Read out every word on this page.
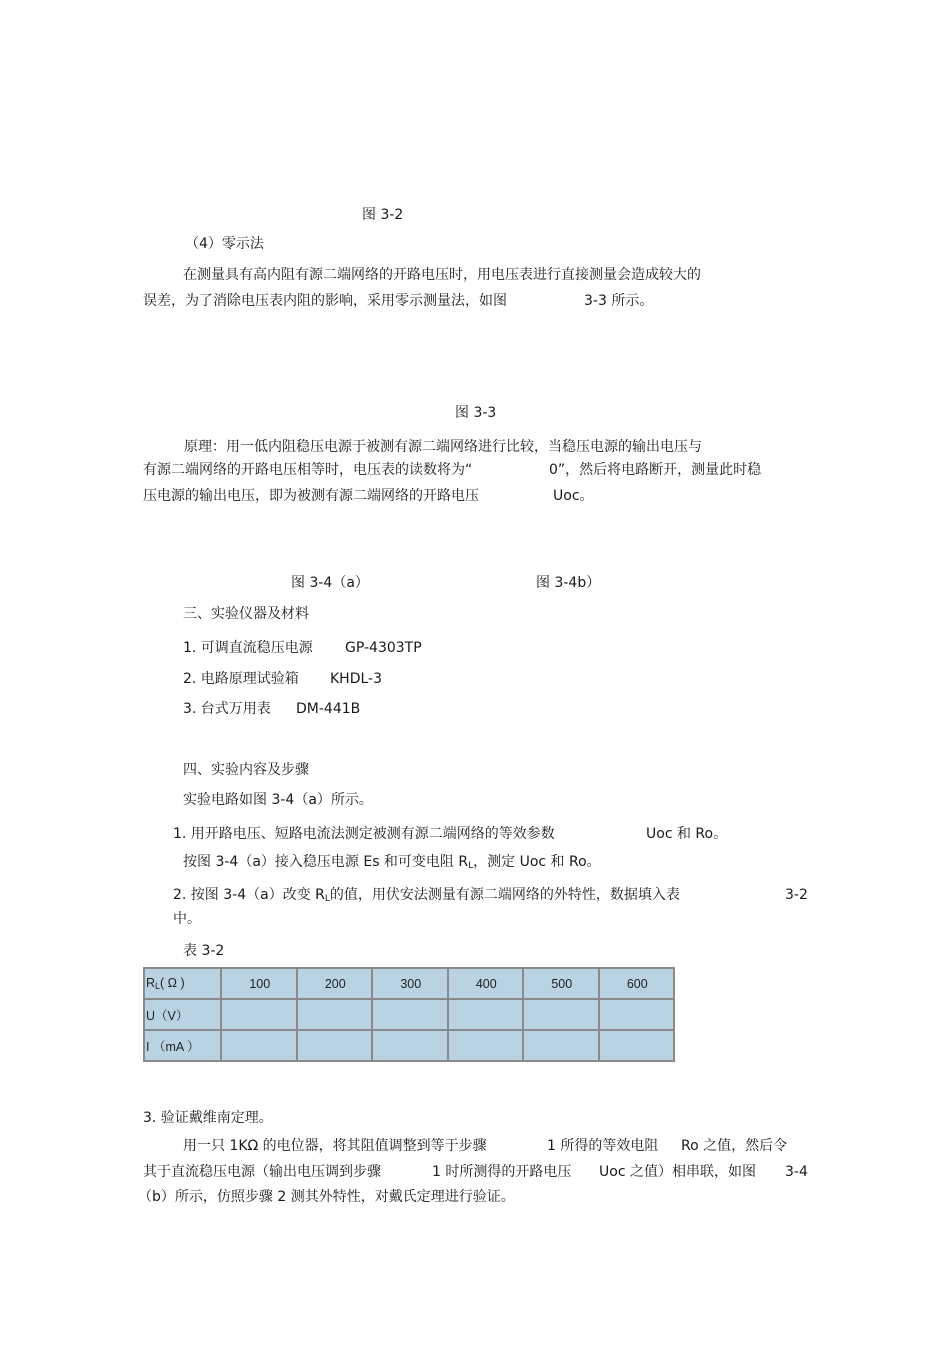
图 3-2
（4）零示法
在测量具有高内阻有源二端网络的开路电压时，用电压表进行直接测量会造成较大的
误差，为了消除电压表内阻的影响，采用零示测量法，如图	3-3 所示。
图 3-3
原理：用一低内阻稳压电源于被测有源二端网络进行比较，当稳压电源的输出电压与
有源二端网络的开路电压相等时，电压表的读数将为“	0”，然后将电路断开，测量此时稳
压电源的输出电压，即为被测有源二端网络的开路电压	Uoc。
图 3-4（a）	图 3-4b）
三、实验仪器及材料
1. 可调直流稳压电源 GP-4303TP
2. 电路原理试验箱 KHDL-3
3. 台式万用表 DM-441B
四、实验内容及步骤
实验电路如图 3-4（a）所示。
1. 用开路电压、短路电流法测定被测有源二端网络的等效参数	Uoc 和 Ro。
按图 3-4（a）接入稳压电源 Es 和可变电阻 $R_L$，测定 Uoc 和 Ro。
2. 按图 3-4（a）改变 $R_L$的值，用伏安法测量有源二端网络的外特性，数据填入表	3-2
中。
表 3-2
$R_L$( Ω )	100	200	300	400	500	600
U（V）						
I （mA ）						
3. 验证戴维南定理。
用一只 1KΩ 的电位器，将其阻值调整到等于步骤	1 所得的等效电阻 Ro 之值，然后令
其于直流稳压电源（输出电压调到步骤	1 时所测得的开路电压 Uoc 之值）相串联，如图 3-4
（b）所示，仿照步骤 2 测其外特性，对戴氏定理进行验证。
